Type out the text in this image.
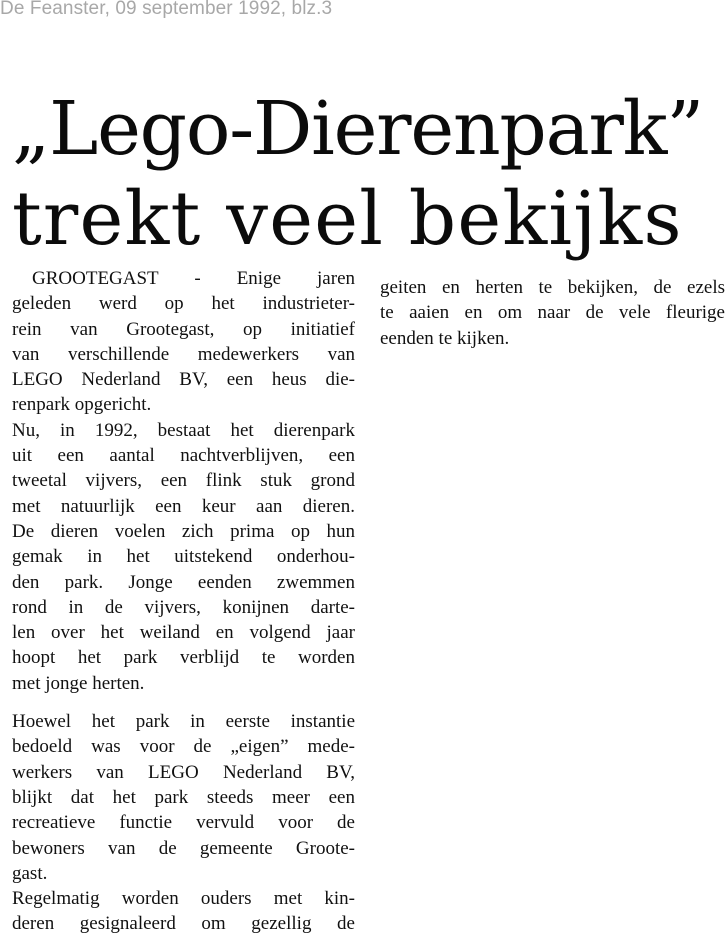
De Feanster, 09 september 1992, blz.3
„Lego-Dierenpark”
trekt veel bekijks
GROOTEGAST - Enige jaren
geleden werd op het industrieter-
rein van Grootegast, op initiatief
van verschillende medewerkers van
LEGO Nederland BV, een heus die-
renpark opgericht.
Nu, in 1992, bestaat het dierenpark
uit een aantal nachtverblijven, een
tweetal vijvers, een flink stuk grond
met natuurlijk een keur aan dieren.
De dieren voelen zich prima op hun
gemak in het uitstekend onderhou-
den park. Jonge eenden zwemmen
rond in de vijvers, konijnen dartе-
len over het weiland en volgend jaar
hoopt het park verblijd te worden
met jonge herten.
Hoewel het park in eerste instantie
bedoeld was voor de „eigen” mede-
werkers van LEGO Nederland BV,
blijkt dat het park steeds meer een
recreatieve functie vervuld voor de
bewoners van de gemeente Groote-
gast.
Regelmatig worden ouders met kin-
deren gesignaleerd om gezellig de
geiten en herten te bekijken, de ezels
te aaien en om naar de vele fleurige
eenden te kijken.
